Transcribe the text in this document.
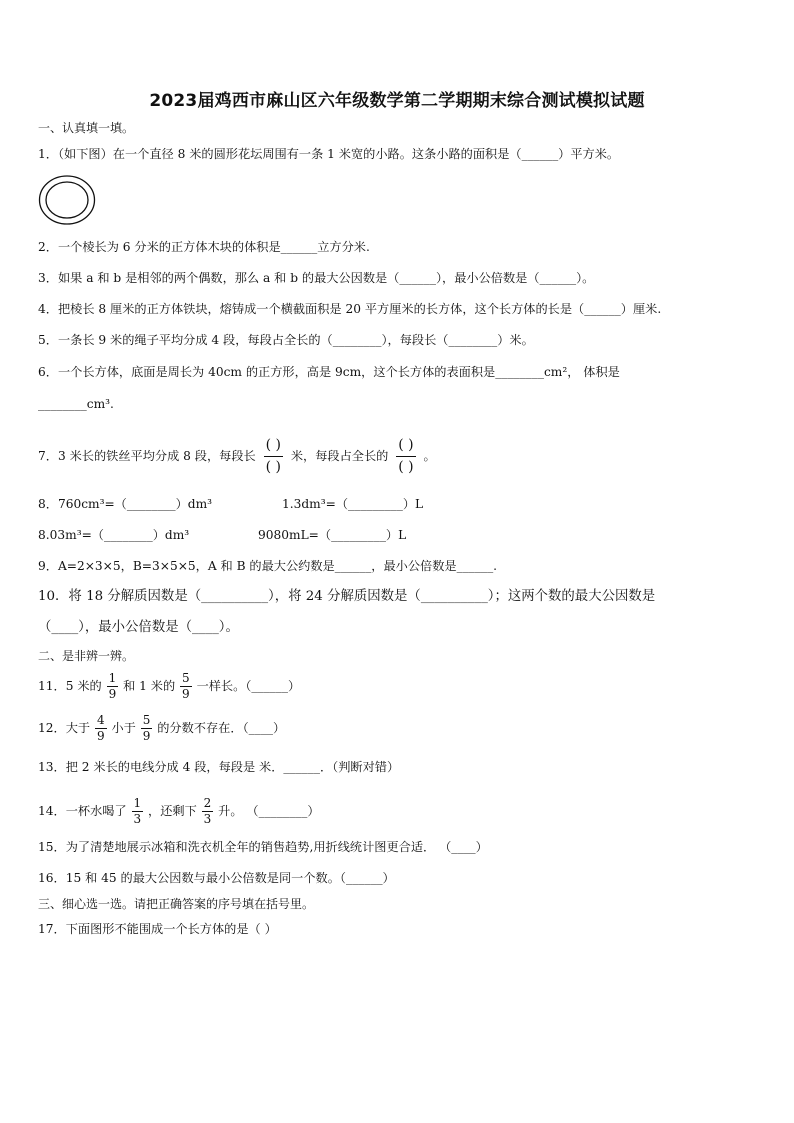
2023届鸡西市麻山区六年级数学第二学期期末综合测试模拟试题
一、认真填一填。
1．（如下图）在一个直径 8 米的圆形花坛周围有一条 1 米宽的小路。这条小路的面积是（______）平方米。
2．一个棱长为 6 分米的正方体木块的体积是______立方分米.
3．如果 a 和 b 是相邻的两个偶数，那么 a 和 b 的最大公因数是（______），最小公倍数是（______）。
4．把棱长 8 厘米的正方体铁块，熔铸成一个横截面积是 20 平方厘米的长方体，这个长方体的长是（______）厘米.
5．一条长 9 米的绳子平均分成 4 段，每段占全长的（________），每段长（________）米。
6．一个长方体，底面是周长为 40cm 的正方形，高是 9cm，这个长方体的表面积是________cm²， 体积是
________cm³.
7．3 米长的铁丝平均分成 8 段，每段长
( )
( )
米，每段占全长的
( )
( )
。
8．760cm³=（________）dm³	1.3dm³=（_________）L
8.03m³=（________）dm³	9080mL=（_________）L
9．A=2×3×5，B=3×5×5，A 和 B 的最大公约数是______，最小公倍数是______.
10．将 18 分解质因数是（__________），将 24 分解质因数是（__________）；这两个数的最大公因数是
（____），最小公倍数是（____）。
二、是非辨一辨。
11．5 米的 $\frac{1}{9}$ 和 1 米的 $\frac{5}{9}$ 一样长。（______）
12．大于 $\frac{4}{9}$ 小于 $\frac{5}{9}$ 的分数不存在．（____）
13．把 2 米长的电线分成 4 段，每段是 米．______．（判断对错）
14．一杯水喝了 $\frac{1}{3}$ ，还剩下 $\frac{2}{3}$ 升。 （________）
15．为了清楚地展示冰箱和洗衣机全年的销售趋势,用折线统计图更合适． （____）
16．15 和 45 的最大公因数与最小公倍数是同一个数。（______）
三、细心选一选。请把正确答案的序号填在括号里。
17．下面图形不能围成一个长方体的是（ ）
